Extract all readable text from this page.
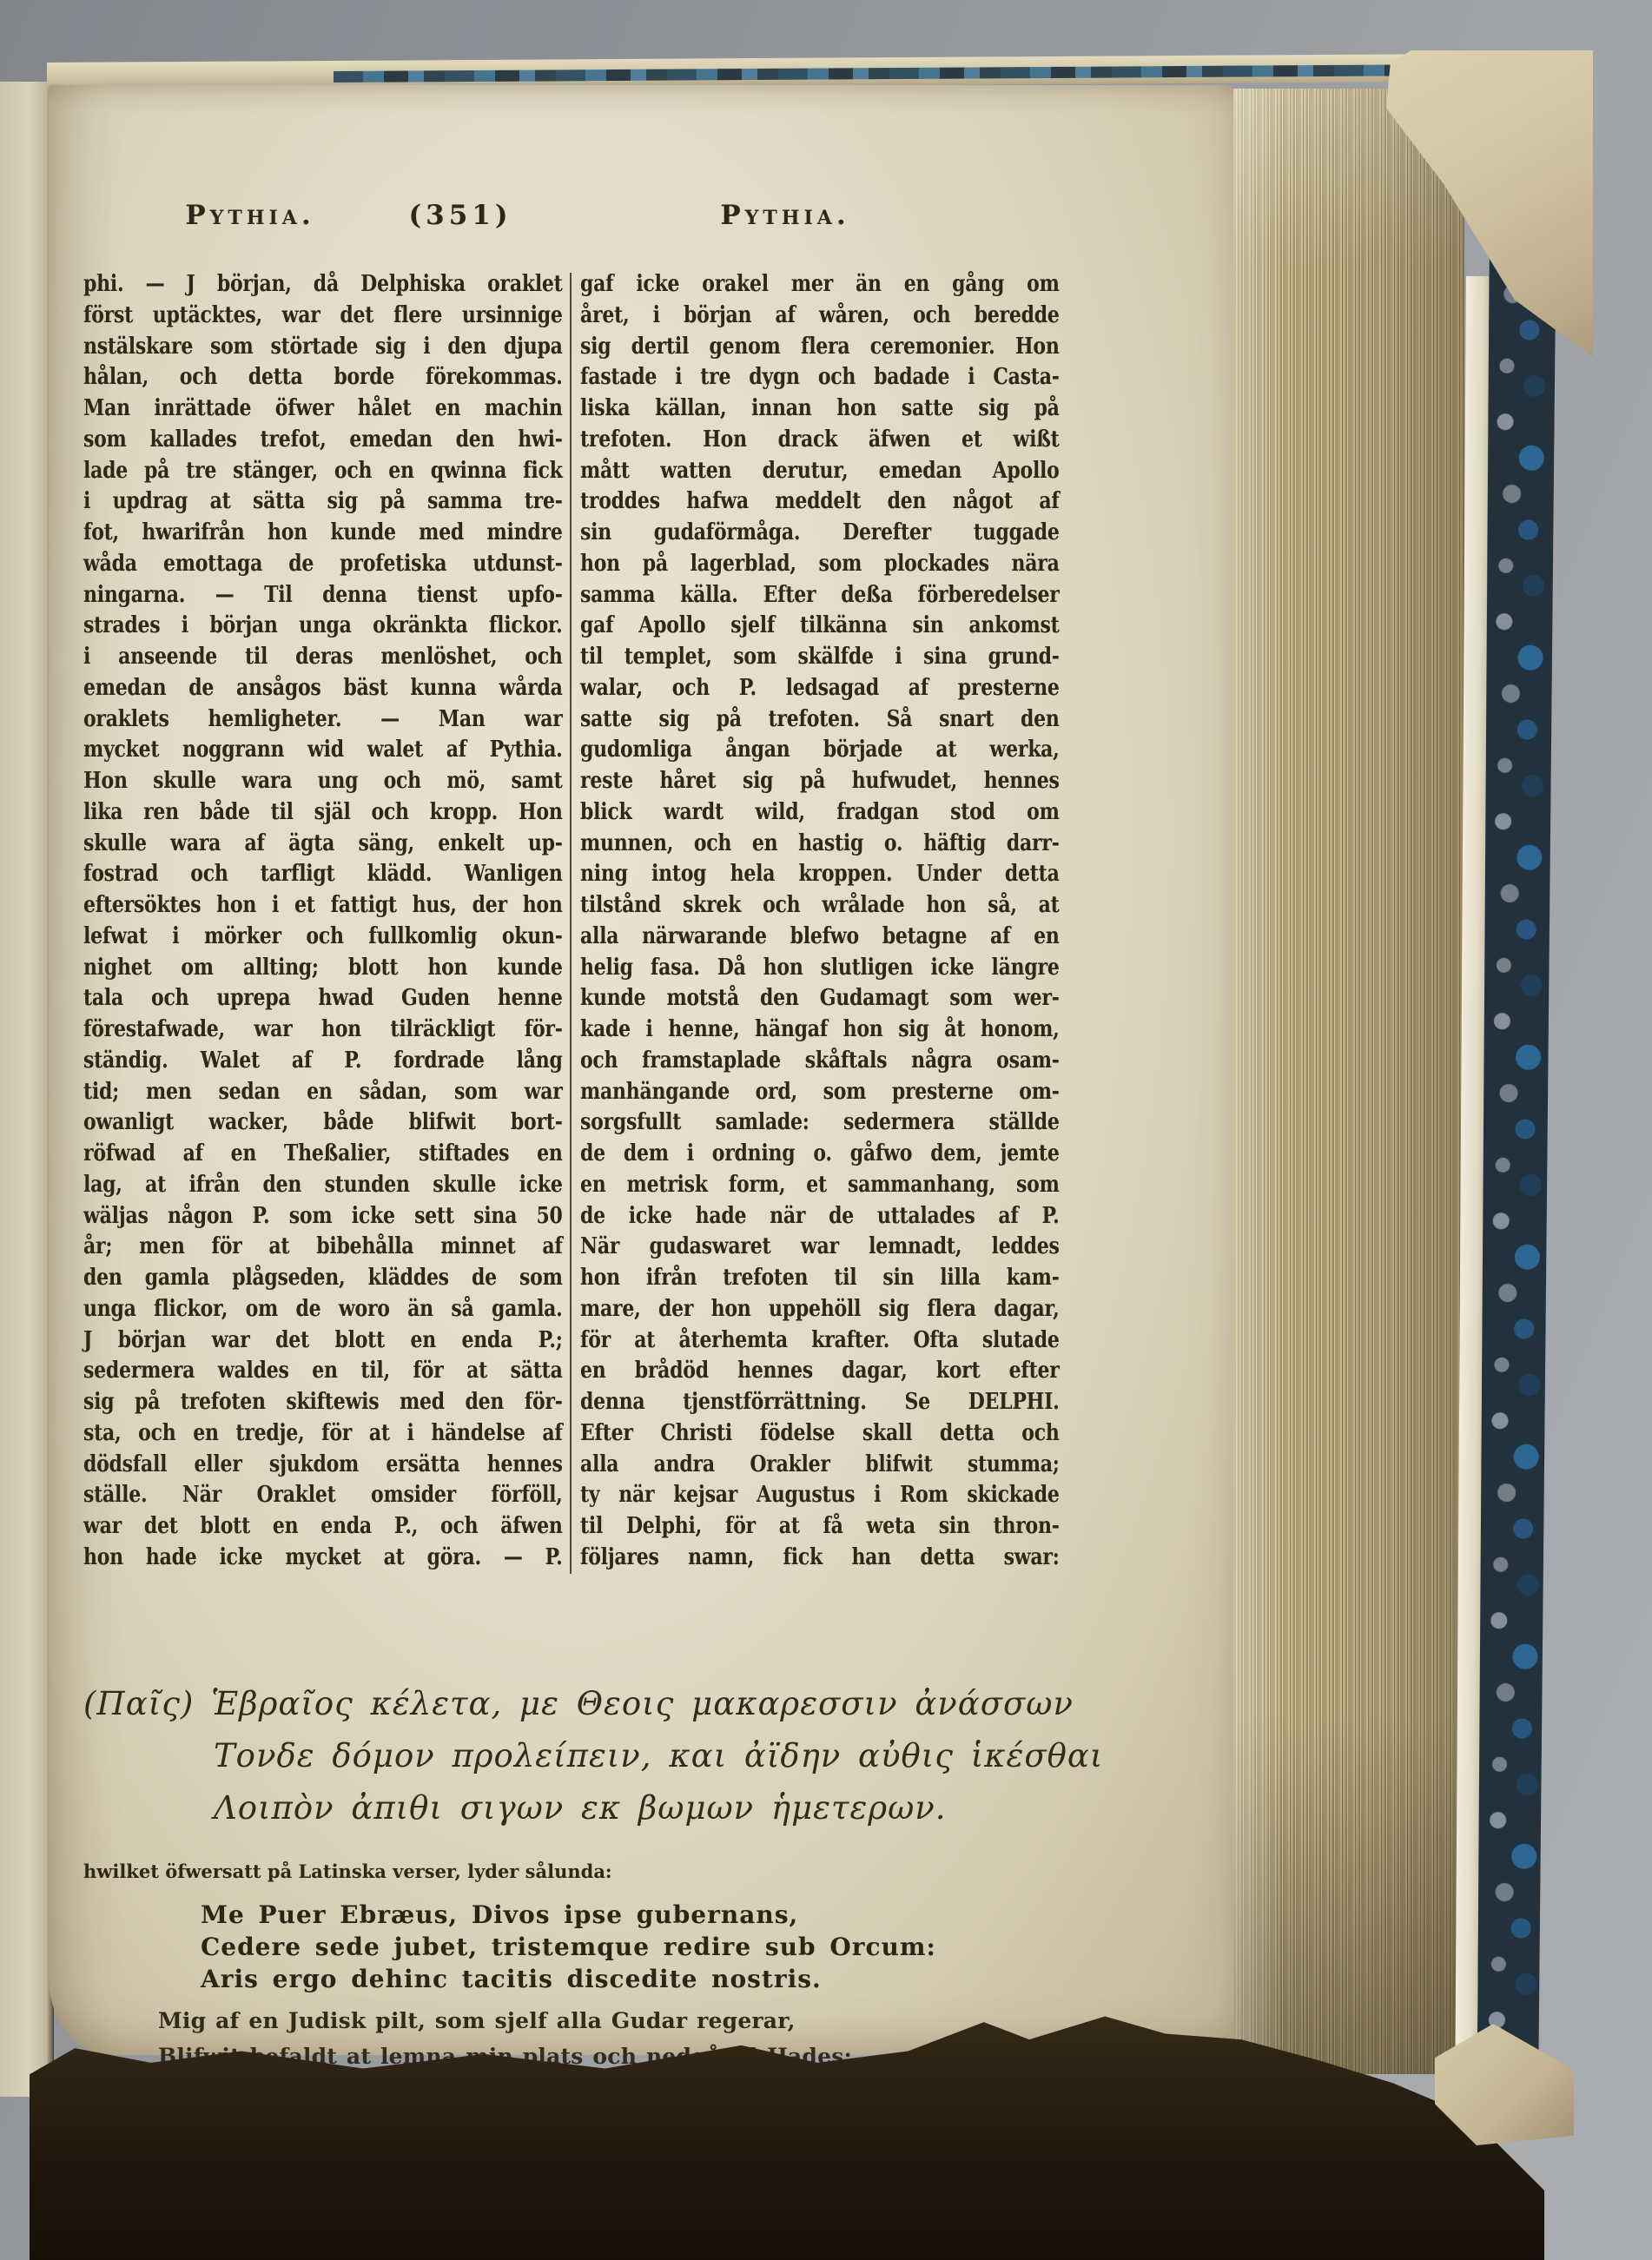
Pythia.	(351)	Pythia.
phi. — J början, då Delphiska oraklet
först uptäcktes, war det flere ursinnige
nstälskare som störtade sig i den djupa
hålan, och detta borde förekommas.
Man inrättade öfwer hålet en machin
som kallades trefot, emedan den hwi-
lade på tre stänger, och en qwinna fick
i updrag at sätta sig på samma tre-
fot, hwarifrån hon kunde med mindre
wåda emottaga de profetiska utdunst-
ningarna. — Til denna tienst upfo-
strades i början unga okränkta flickor.
i anseende til deras menlöshet, och
emedan de ansågos bäst kunna wårda
oraklets hemligheter. — Man war
mycket noggrann wid walet af Pythia.
Hon skulle wara ung och mö, samt
lika ren både til själ och kropp. Hon
skulle wara af ägta säng, enkelt up-
fostrad och tarfligt klädd. Wanligen
eftersöktes hon i et fattigt hus, der hon
lefwat i mörker och fullkomlig okun-
nighet om allting; blott hon kunde
tala och uprepa hwad Guden henne
förestafwade, war hon tilräckligt för-
ständig. Walet af P. fordrade lång
tid; men sedan en sådan, som war
owanligt wacker, både blifwit bort-
röfwad af en Theßalier, stiftades en
lag, at ifrån den stunden skulle icke
wäljas någon P. som icke sett sina 50
år; men för at bibehålla minnet af
den gamla plågseden, kläddes de som
unga flickor, om de woro än så gamla.
J början war det blott en enda P.;
sedermera waldes en til, för at sätta
sig på trefoten skiftewis med den för-
sta, och en tredje, för at i händelse af
dödsfall eller sjukdom ersätta hennes
ställe. När Oraklet omsider förföll,
war det blott en enda P., och äfwen
hon hade icke mycket at göra. — P.
gaf icke orakel mer än en gång om
året, i början af wåren, och beredde
sig dertil genom flera ceremonier. Hon
fastade i tre dygn och badade i Casta-
liska källan, innan hon satte sig på
trefoten. Hon drack äfwen et wißt
mått watten derutur, emedan Apollo
troddes hafwa meddelt den något af
sin gudaförmåga. Derefter tuggade
hon på lagerblad, som plockades nära
samma källa. Efter deßa förberedelser
gaf Apollo sjelf tilkänna sin ankomst
til templet, som skälfde i sina grund-
walar, och P. ledsagad af presterne
satte sig på trefoten. Så snart den
gudomliga ångan började at werka,
reste håret sig på hufwudet, hennes
blick wardt wild, fradgan stod om
munnen, och en hastig o. häftig darr-
ning intog hela kroppen. Under detta
tilstånd skrek och wrålade hon så, at
alla närwarande blefwo betagne af en
helig fasa. Då hon slutligen icke längre
kunde motstå den Gudamagt som wer-
kade i henne, hängaf hon sig åt honom,
och framstaplade skåftals några osam-
manhängande ord, som presterne om-
sorgsfullt samlade: sedermera ställde
de dem i ordning o. gåfwo dem, jemte
en metrisk form, et sammanhang, som
de icke hade när de uttalades af P.
När gudaswaret war lemnadt, leddes
hon ifrån trefoten til sin lilla kam-
mare, der hon uppehöll sig flera dagar,
för at återhemta krafter. Ofta slutade
en brådöd hennes dagar, kort efter
denna tjenstförrättning. Se DELPHI.
Efter Christi födelse skall detta och
alla andra Orakler blifwit stumma;
ty när kejsar Augustus i Rom skickade
til Delphi, för at få weta sin thron-
följares namn, fick han detta swar:
(Παῖς) Ἑβραῖος κέλετα, με Θεοις μακαρεσσιν ἀνάσσων
Τονδε δόμον προλείπειν, και ἀϊδην αὐθις ἱκέσθαι
Λοιπὸν ἀπιθι σιγων εκ βωμων ἡμετερων.
hwilket öfwersatt på Latinska verser, lyder sålunda:
Me Puer Ebræus, Divos ipse gubernans,
Cedere sede jubet, tristemque redire sub Orcum:
Aris ergo dehinc tacitis discedite nostris.
Mig af en Judisk pilt, som sjelf alla Gudar regerar,
Blifwit befaldt at lemna min plats och nedgå til Hades:
